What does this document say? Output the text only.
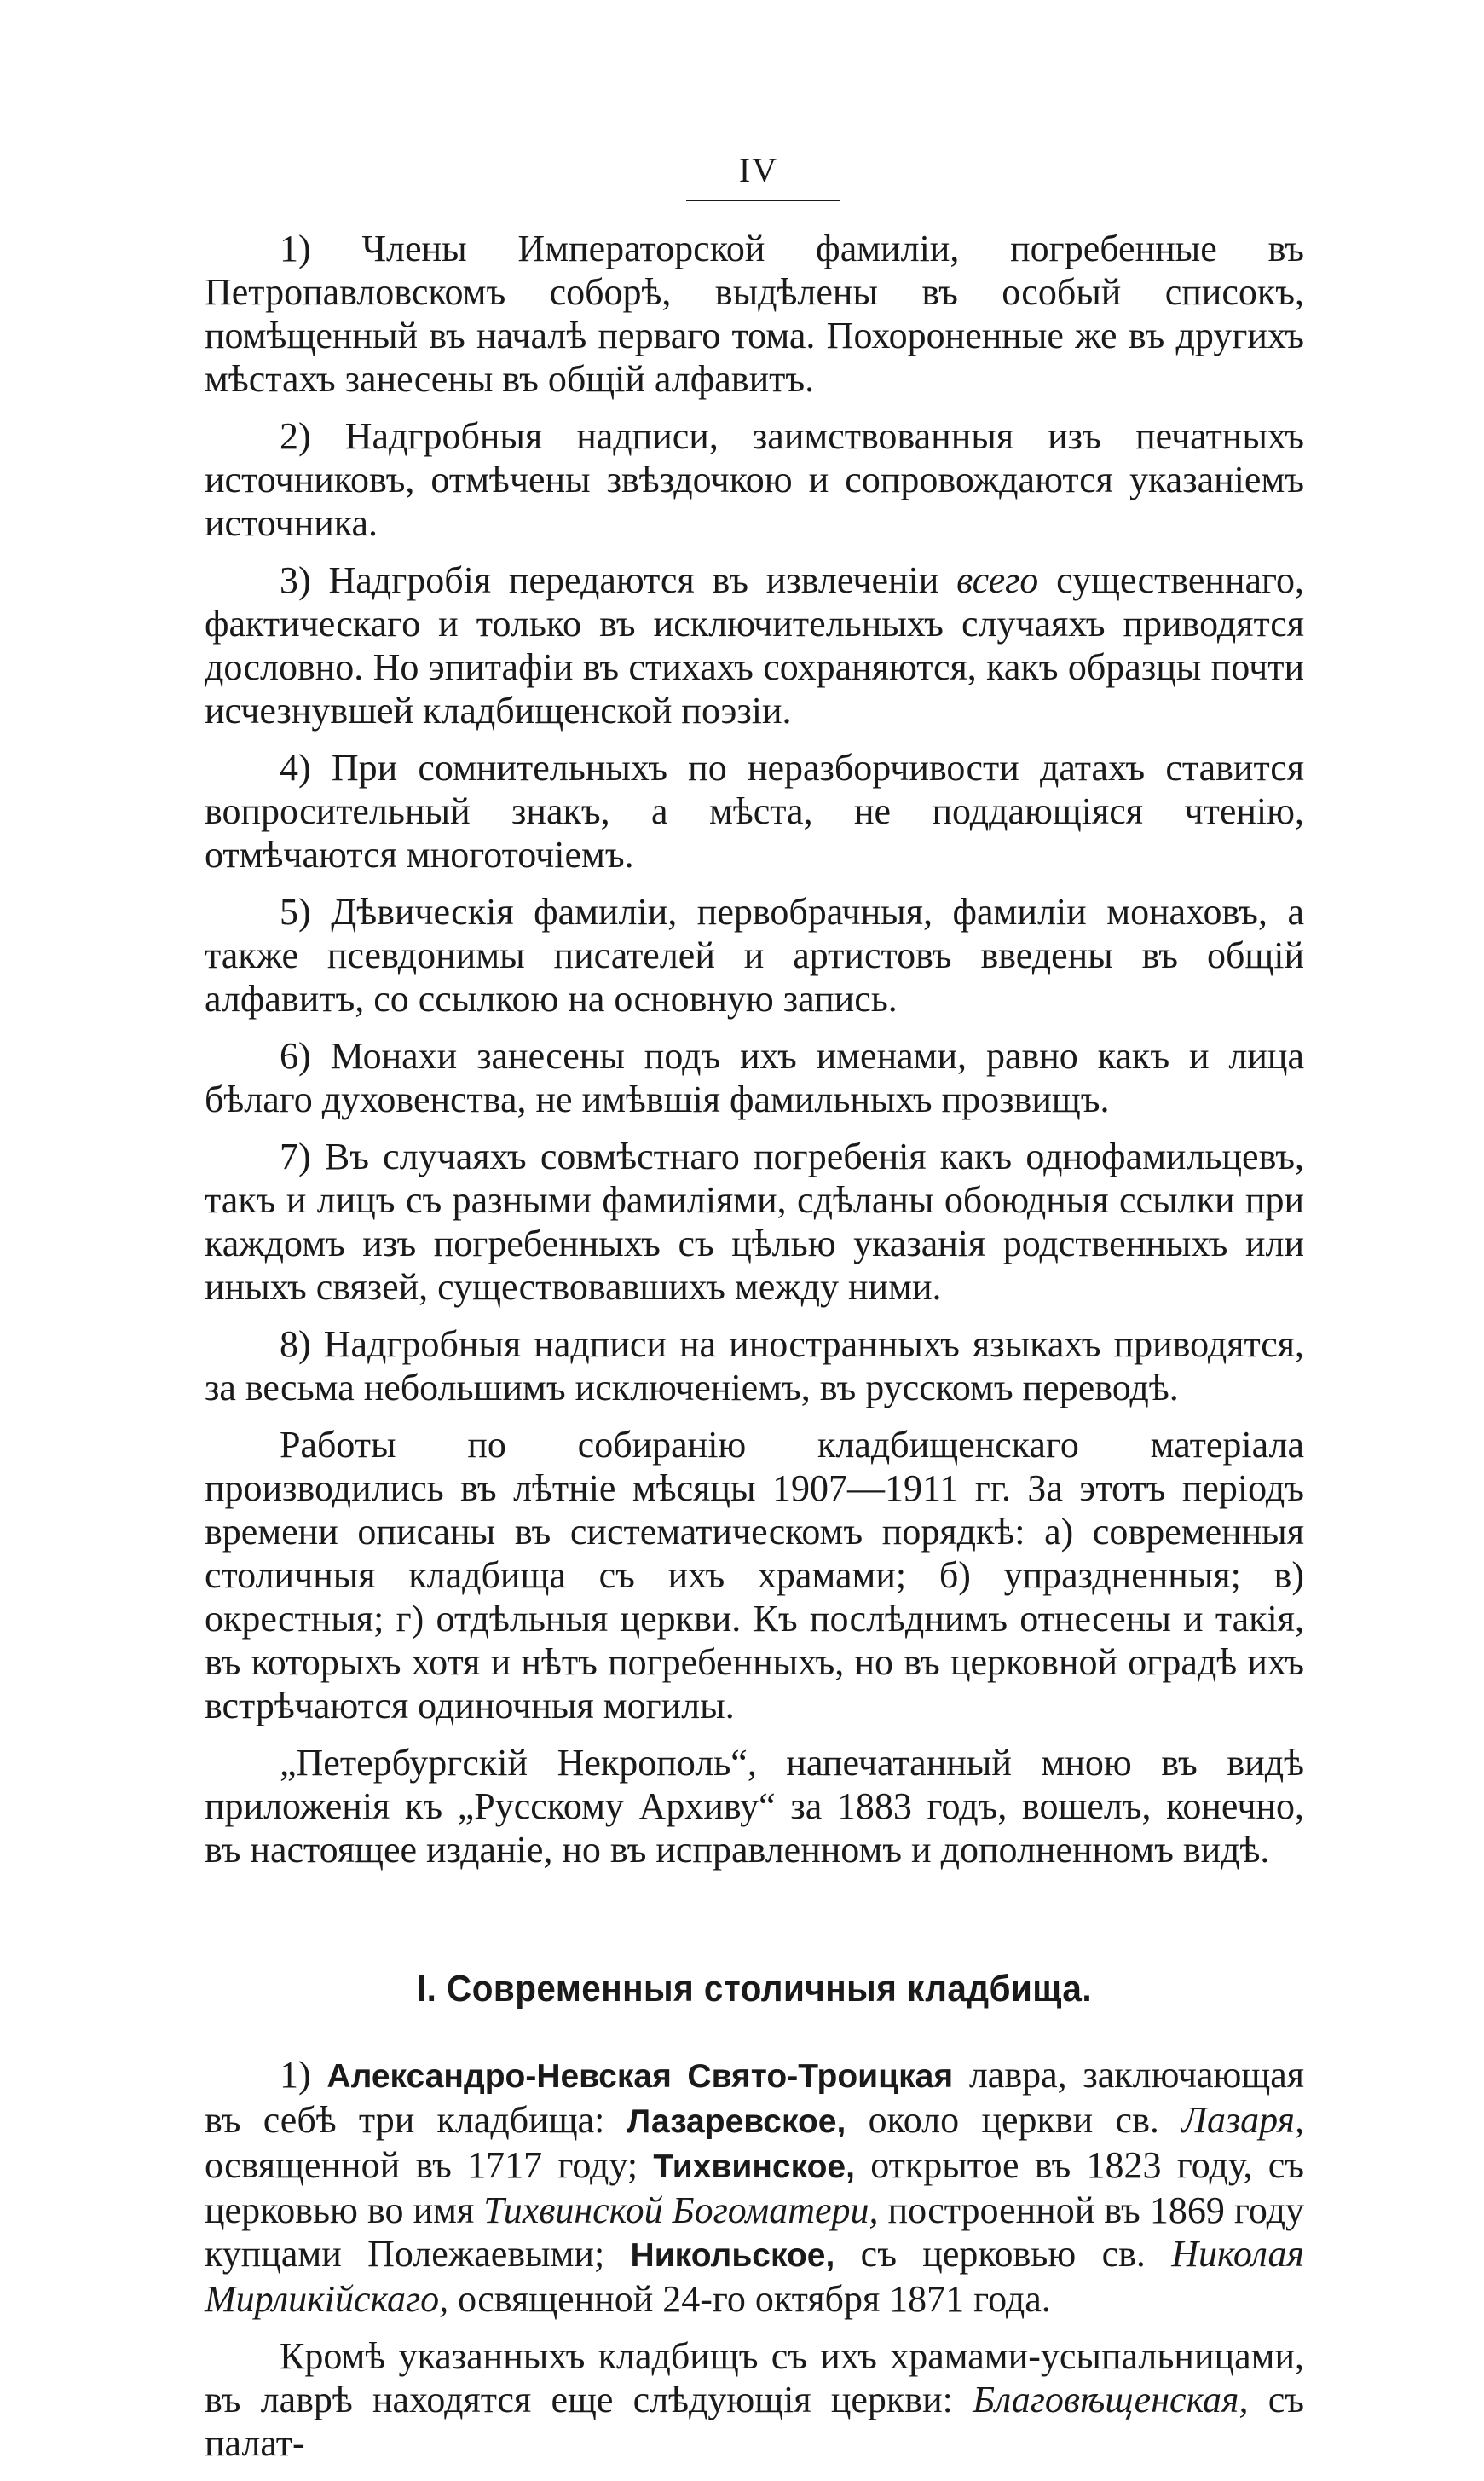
IV

1) Члены Императорской фамиліи, погребенные въ Петропавловскомъ соборѣ, выдѣлены въ особый списокъ, помѣщенный въ началѣ перваго тома. Похороненные же въ другихъ мѣстахъ занесены въ общій алфавитъ.

2) Надгробныя надписи, заимствованныя изъ печатныхъ источниковъ, отмѣчены звѣздочкою и сопровождаются указаніемъ источника.

3) Надгробія передаются въ извлеченіи всего существеннаго, фактическаго и только въ исключительныхъ случаяхъ приводятся дословно. Но эпитафіи въ стихахъ сохраняются, какъ образцы почти исчезнувшей кладбищенской поэзіи.

4) При сомнительныхъ по неразборчивости датахъ ставится вопросительный знакъ, а мѣста, не поддающіяся чтенію, отмѣчаются многоточіемъ.

5) Дѣвическія фамиліи, первобрачныя, фамиліи монаховъ, а также псевдонимы писателей и артистовъ введены въ общій алфавитъ, со ссылкою на основную запись.

6) Монахи занесены подъ ихъ именами, равно какъ и лица бѣлаго духовенства, не имѣвшія фамильныхъ прозвищъ.

7) Въ случаяхъ совмѣстнаго погребенія какъ однофамильцевъ, такъ и лицъ съ разными фамиліями, сдѣланы обоюдныя ссылки при каждомъ изъ погребенныхъ съ цѣлью указанія родственныхъ или иныхъ связей, существовавшихъ между ними.

8) Надгробныя надписи на иностранныхъ языкахъ приводятся, за весьма небольшимъ исключеніемъ, въ русскомъ переводѣ.

Работы по собиранію кладбищенскаго матеріала производились въ лѣтніе мѣсяцы 1907—1911 гг. За этотъ періодъ времени описаны въ систематическомъ порядкѣ: а) современныя столичныя кладбища съ ихъ храмами; б) упраздненныя; в) окрестныя; г) отдѣльныя церкви. Къ послѣднимъ отнесены и такія, въ которыхъ хотя и нѣтъ погребенныхъ, но въ церковной оградѣ ихъ встрѣчаются одиночныя могилы.

„Петербургскій Некрополь“, напечатанный мною въ видѣ приложенія къ „Русскому Архиву“ за 1883 годъ, вошелъ, конечно, въ настоящее изданіе, но въ исправленномъ и дополненномъ видѣ.

I. Современныя столичныя кладбища.

1) Александро-Невская Свято-Троицкая лавра, заключающая въ себѣ три кладбища: Лазаревское, около церкви св. Лазаря, освященной въ 1717 году; Тихвинское, открытое въ 1823 году, съ церковью во имя Тихвинской Богоматери, построенной въ 1869 году купцами Полежаевыми; Никольское, съ церковью св. Николая Мирликійскаго, освященной 24-го октября 1871 года.

Кромѣ указанныхъ кладбищъ съ ихъ храмами-усыпальницами, въ лаврѣ находятся еще слѣдующія церкви: Благовѣщенская, съ палат-
